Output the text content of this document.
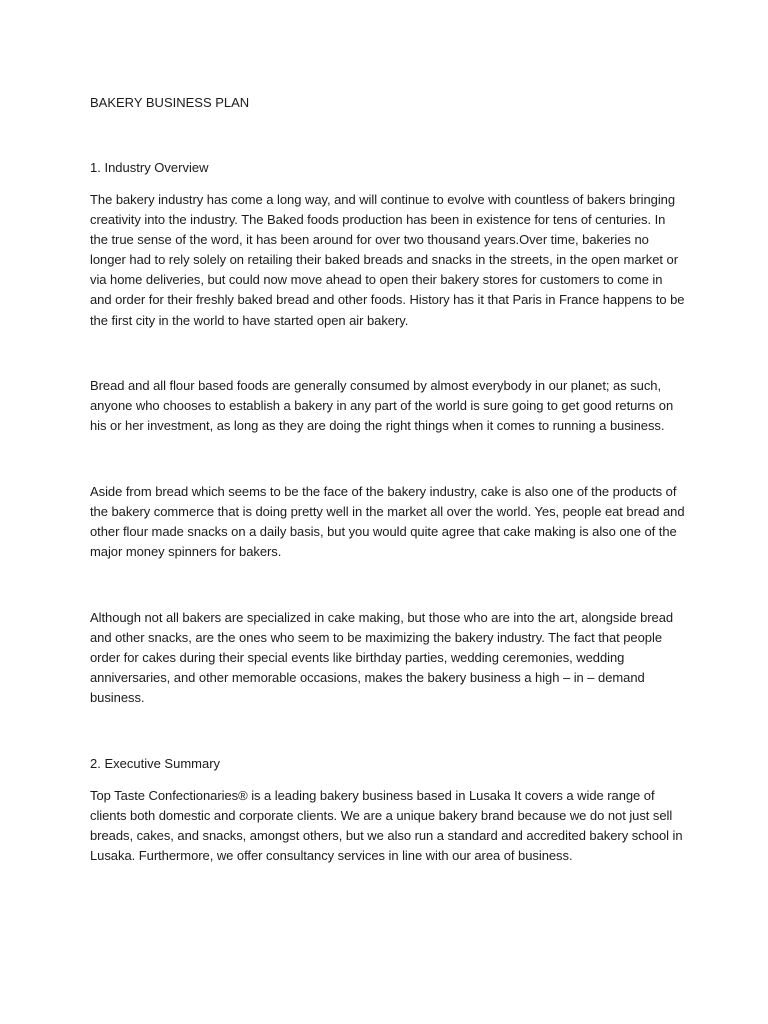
BAKERY BUSINESS PLAN
1. Industry Overview

The bakery industry has come a long way, and will continue to evolve with countless of bakers bringing creativity into the industry. The Baked foods production has been in existence for tens of centuries. In the true sense of the word, it has been around for over two thousand years.Over time, bakeries no longer had to rely solely on retailing their baked breads and snacks in the streets, in the open market or via home deliveries, but could now move ahead to open their bakery stores for customers to come in and order for their freshly baked bread and other foods. History has it that Paris in France happens to be the first city in the world to have started open air bakery.

Bread and all flour based foods are generally consumed by almost everybody in our planet; as such, anyone who chooses to establish a bakery in any part of the world is sure going to get good returns on his or her investment, as long as they are doing the right things when it comes to running a business.

Aside from bread which seems to be the face of the bakery industry, cake is also one of the products of the bakery commerce that is doing pretty well in the market all over the world. Yes, people eat bread and other flour made snacks on a daily basis, but you would quite agree that cake making is also one of the major money spinners for bakers.

Although not all bakers are specialized in cake making, but those who are into the art, alongside bread and other snacks, are the ones who seem to be maximizing the bakery industry. The fact that people order for cakes during their special events like birthday parties, wedding ceremonies, wedding anniversaries, and other memorable occasions, makes the bakery business a high – in – demand business.

2. Executive Summary

Top Taste Confectionaries® is a leading bakery business based in Lusaka It covers a wide range of clients both domestic and corporate clients. We are a unique bakery brand because we do not just sell breads, cakes, and snacks, amongst others, but we also run a standard and accredited bakery school in Lusaka. Furthermore, we offer consultancy services in line with our area of business.
